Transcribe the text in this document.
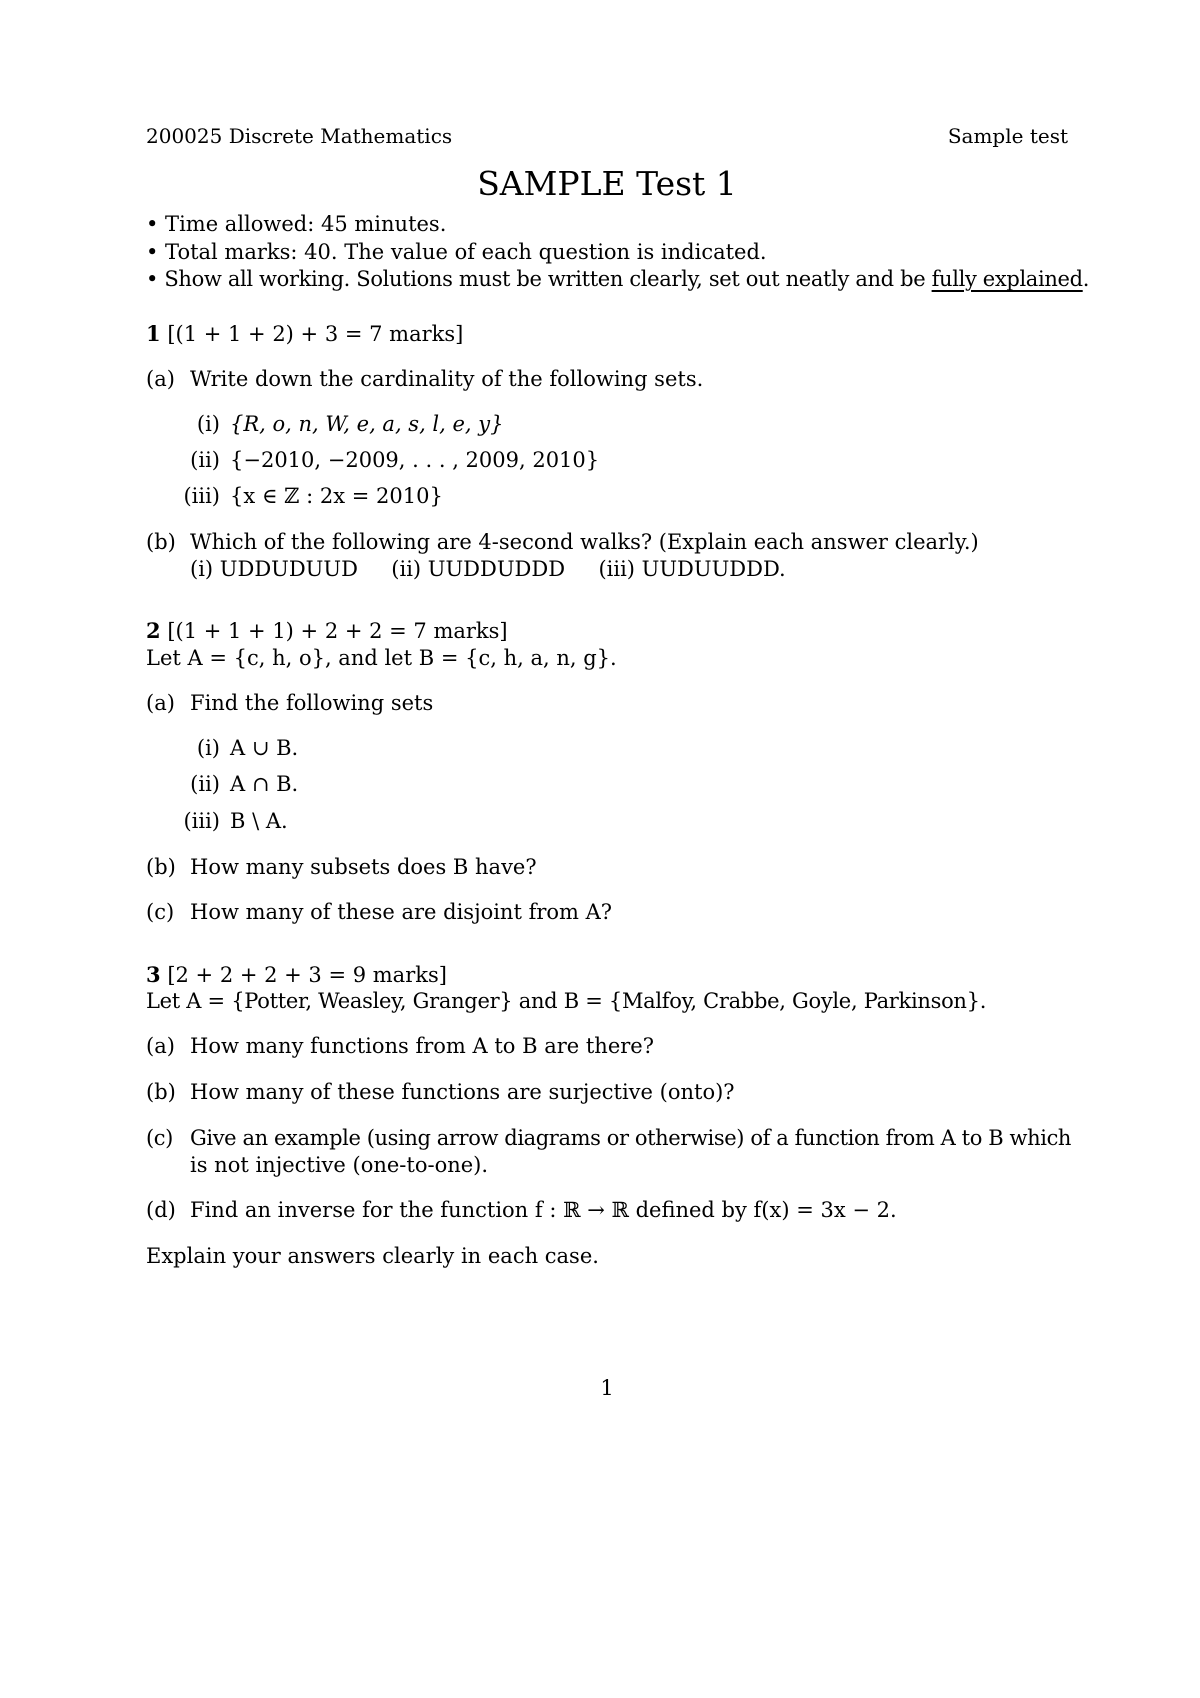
200025 Discrete Mathematics	Sample test
SAMPLE Test 1
• Time allowed: 45 minutes.
• Total marks: 40. The value of each question is indicated.
• Show all working. Solutions must be written clearly, set out neatly and be fully explained.
1 [(1 + 1 + 2) + 3 = 7 marks]
(a) Write down the cardinality of the following sets.
(i) {R, o, n, W, e, a, s, l, e, y}
(ii) {−2010, −2009, . . . , 2009, 2010}
(iii) {x ∈ ℤ : 2x = 2010}
(b) Which of the following are 4-second walks? (Explain each answer clearly.)
(i) UDDUDUUD     (ii) UUDDUDDD     (iii) UUDUUDDD.
2 [(1 + 1 + 1) + 2 + 2 = 7 marks]
Let A = {c, h, o}, and let B = {c, h, a, n, g}.
(a) Find the following sets
(i) A ∪ B.
(ii) A ∩ B.
(iii) B \ A.
(b) How many subsets does B have?
(c) How many of these are disjoint from A?
3 [2 + 2 + 2 + 3 = 9 marks]
Let A = {Potter, Weasley, Granger} and B = {Malfoy, Crabbe, Goyle, Parkinson}.
(a) How many functions from A to B are there?
(b) How many of these functions are surjective (onto)?
(c) Give an example (using arrow diagrams or otherwise) of a function from A to B which
is not injective (one-to-one).
(d) Find an inverse for the function f : ℝ → ℝ defined by f(x) = 3x − 2.
Explain your answers clearly in each case.
1
